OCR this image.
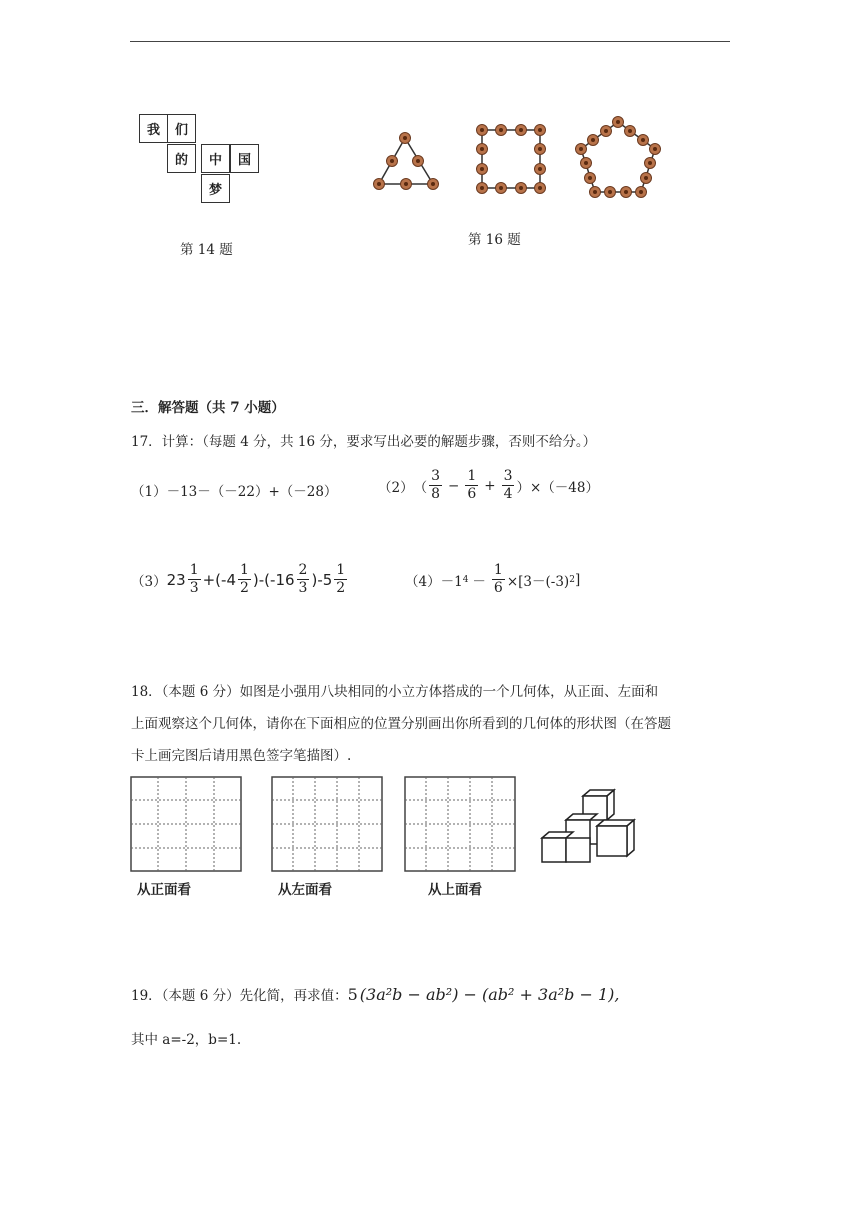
我 们
的 中 国
梦
第 14 题
第 16 题
三．解答题（共 7 小题）
17．计算：（每题 4 分，共 16 分，要求写出必要的解题步骤，否则不给分。）
（1）－13－（－22）+（－28）	（2） （ $\frac{3}{8} - \frac{1}{6} + \frac{3}{4} )\times(-48)$
（3） $23 \frac{1}{3} +(-4 \frac{1}{2} )-(-16 \frac{2}{3} )-5 \frac{1}{2}$	（4） －1 $4 - \frac{1}{6} \times[3-(-3)$ 2 ]
18．（本题 6 分）如图是小强用八块相同的小立方体搭成的一个几何体，从正面、左面和
上面观察这个几何体，请你在下面相应的位置分别画出你所看到的几何体的形状图（在答题
卡上画完图后请用黑色签字笔描图）.
从正面看	从左面看	从上面看
19．（本题 6 分）先化简，再求值： 5 (3a²b − ab²) − (ab² + 3a²b − 1),
其中 a=-2，b=1.
